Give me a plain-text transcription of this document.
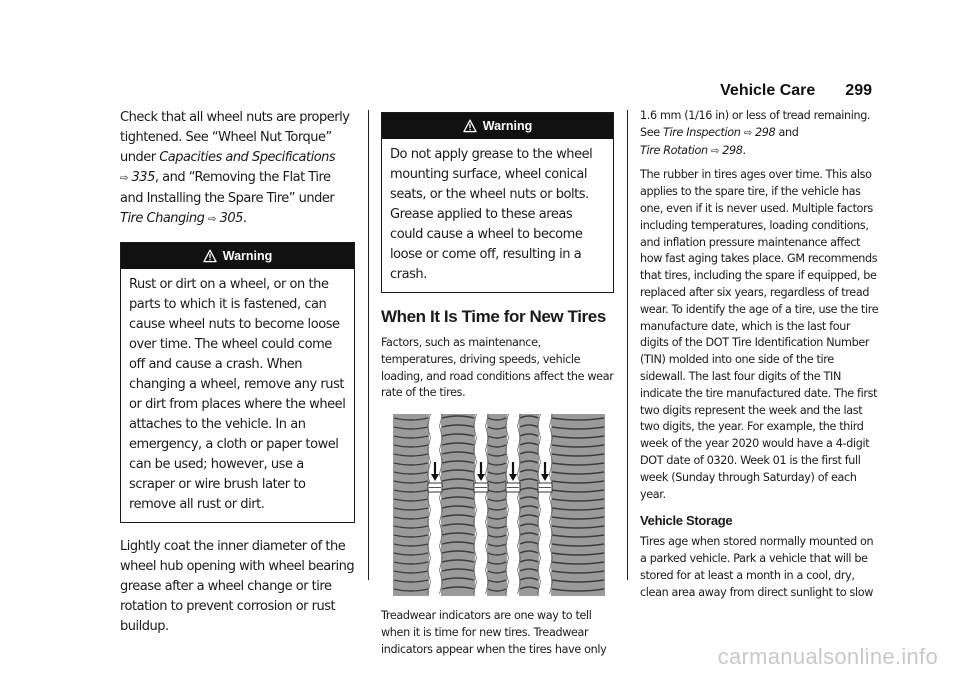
Vehicle Care 299

Check that all wheel nuts are properly tightened. See “Wheel Nut Torque” under Capacities and Specifications
⇨ 335, and “Removing the Flat Tire and Installing the Spare Tire” under Tire Changing ⇨ 305.

Warning
Rust or dirt on a wheel, or on the parts to which it is fastened, can cause wheel nuts to become loose over time. The wheel could come off and cause a crash. When changing a wheel, remove any rust or dirt from places where the wheel attaches to the vehicle. In an emergency, a cloth or paper towel can be used; however, use a scraper or wire brush later to remove all rust or dirt.

Lightly coat the inner diameter of the wheel hub opening with wheel bearing grease after a wheel change or tire rotation to prevent corrosion or rust buildup.

Warning
Do not apply grease to the wheel mounting surface, wheel conical seats, or the wheel nuts or bolts. Grease applied to these areas could cause a wheel to become loose or come off, resulting in a crash.
When It Is Time for New Tires

Factors, such as maintenance, temperatures, driving speeds, vehicle loading, and road conditions affect the wear rate of the tires.

Treadwear indicators are one way to tell when it is time for new tires. Treadwear indicators appear when the tires have only

1.6 mm (1/16 in) or less of tread remaining. See Tire Inspection ⇨ 298 and
Tire Rotation ⇨ 298.

The rubber in tires ages over time. This also applies to the spare tire, if the vehicle has one, even if it is never used. Multiple factors including temperatures, loading conditions, and inflation pressure maintenance affect how fast aging takes place. GM recommends that tires, including the spare if equipped, be replaced after six years, regardless of tread wear. To identify the age of a tire, use the tire manufacture date, which is the last four digits of the DOT Tire Identification Number (TIN) molded into one side of the tire sidewall. The last four digits of the TIN indicate the tire manufactured date. The first two digits represent the week and the last two digits, the year. For example, the third week of the year 2020 would have a 4-digit DOT date of 0320. Week 01 is the first full week (Sunday through Saturday) of each year.

Vehicle Storage

Tires age when stored normally mounted on a parked vehicle. Park a vehicle that will be stored for at least a month in a cool, dry, clean area away from direct sunlight to slow

carmanualsonline.info
